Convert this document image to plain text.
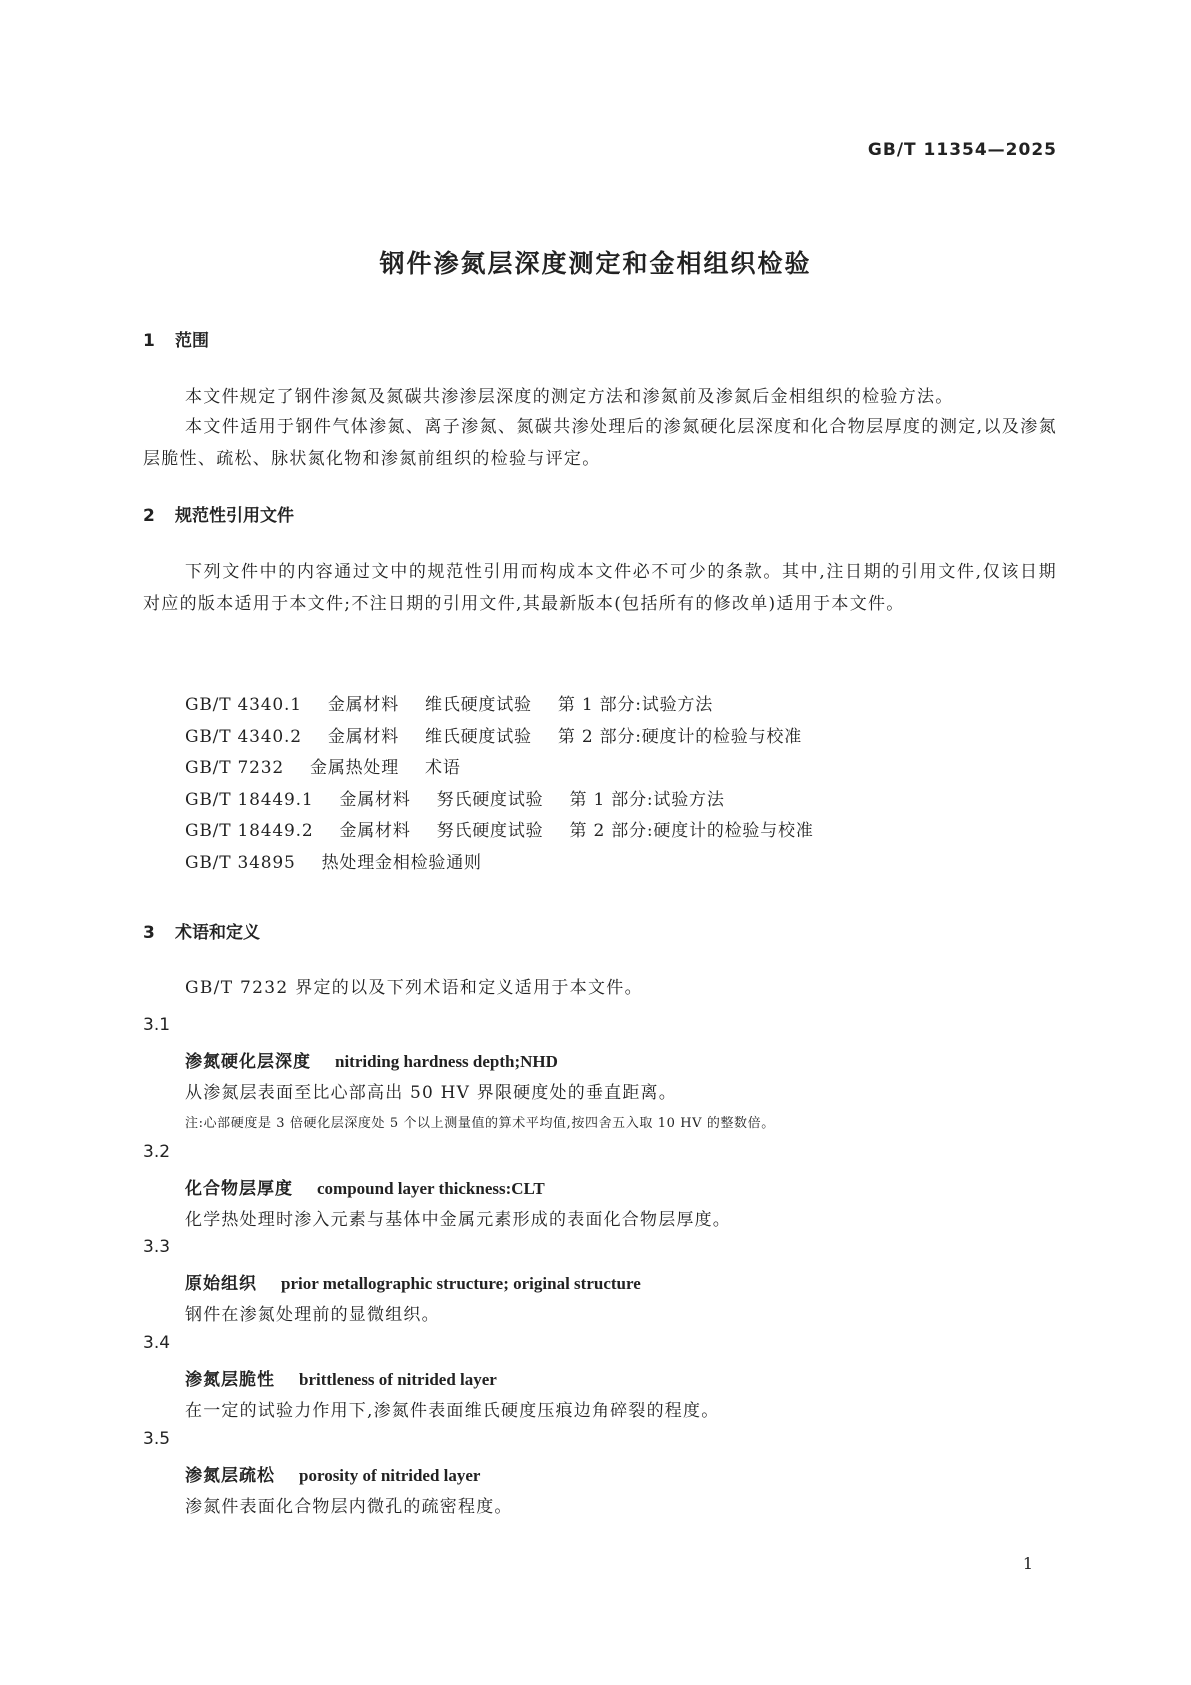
GB/T 11354—2025
钢件渗氮层深度测定和金相组织检验
1 范围

本文件规定了钢件渗氮及氮碳共渗渗层深度的测定方法和渗氮前及渗氮后金相组织的检验方法。

本文件适用于钢件气体渗氮、离子渗氮、氮碳共渗处理后的渗氮硬化层深度和化合物层厚度的测定,以及渗氮层脆性、疏松、脉状氮化物和渗氮前组织的检验与评定。

2 规范性引用文件

下列文件中的内容通过文中的规范性引用而构成本文件必不可少的条款。其中,注日期的引用文件,仅该日期对应的版本适用于本文件;不注日期的引用文件,其最新版本(包括所有的修改单)适用于本文件。

GB/T 4340.1 金属材料 维氏硬度试验 第 1 部分:试验方法
GB/T 4340.2 金属材料 维氏硬度试验 第 2 部分:硬度计的检验与校准
GB/T 7232 金属热处理 术语
GB/T 18449.1 金属材料 努氏硬度试验 第 1 部分:试验方法
GB/T 18449.2 金属材料 努氏硬度试验 第 2 部分:硬度计的检验与校准
GB/T 34895 热处理金相检验通则
3 术语和定义

GB/T 7232 界定的以及下列术语和定义适用于本文件。

3.1
渗氮硬化层深度 nitriding hardness depth;NHD
从渗氮层表面至比心部高出 50 HV 界限硬度处的垂直距离。
注:心部硬度是 3 倍硬化层深度处 5 个以上测量值的算术平均值,按四舍五入取 10 HV 的整数倍。
3.2
化合物层厚度 compound layer thickness:CLT
化学热处理时渗入元素与基体中金属元素形成的表面化合物层厚度。
3.3
原始组织 prior metallographic structure; original structure
钢件在渗氮处理前的显微组织。
3.4
渗氮层脆性 brittleness of nitrided layer
在一定的试验力作用下,渗氮件表面维氏硬度压痕边角碎裂的程度。
3.5
渗氮层疏松 porosity of nitrided layer
渗氮件表面化合物层内微孔的疏密程度。
1
